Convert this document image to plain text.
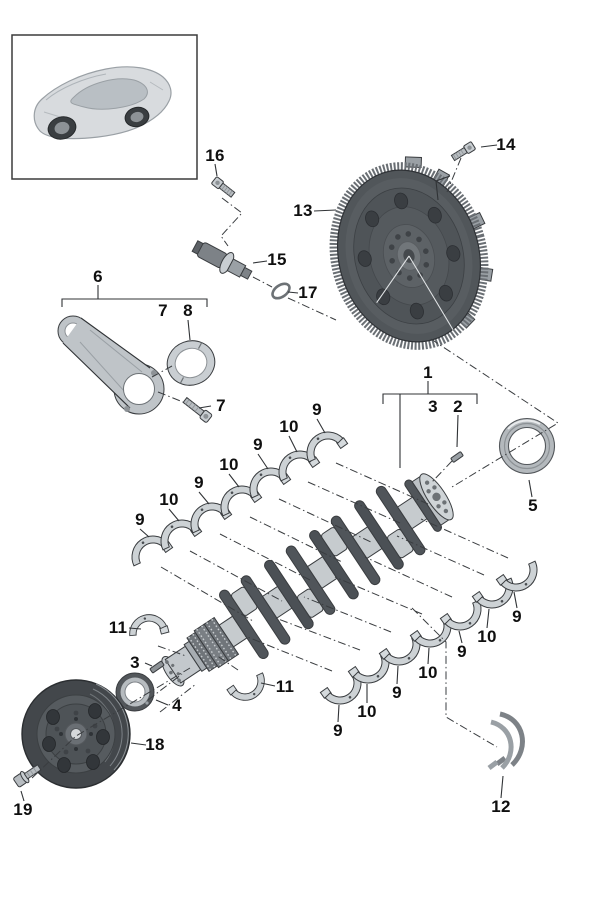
16
14
13
15
17
6
7 8
7
1
3 2
5
9
10
9
10
9
10
9
9
10
9
10
9
10
9
11
3
4
11
18
19	12
